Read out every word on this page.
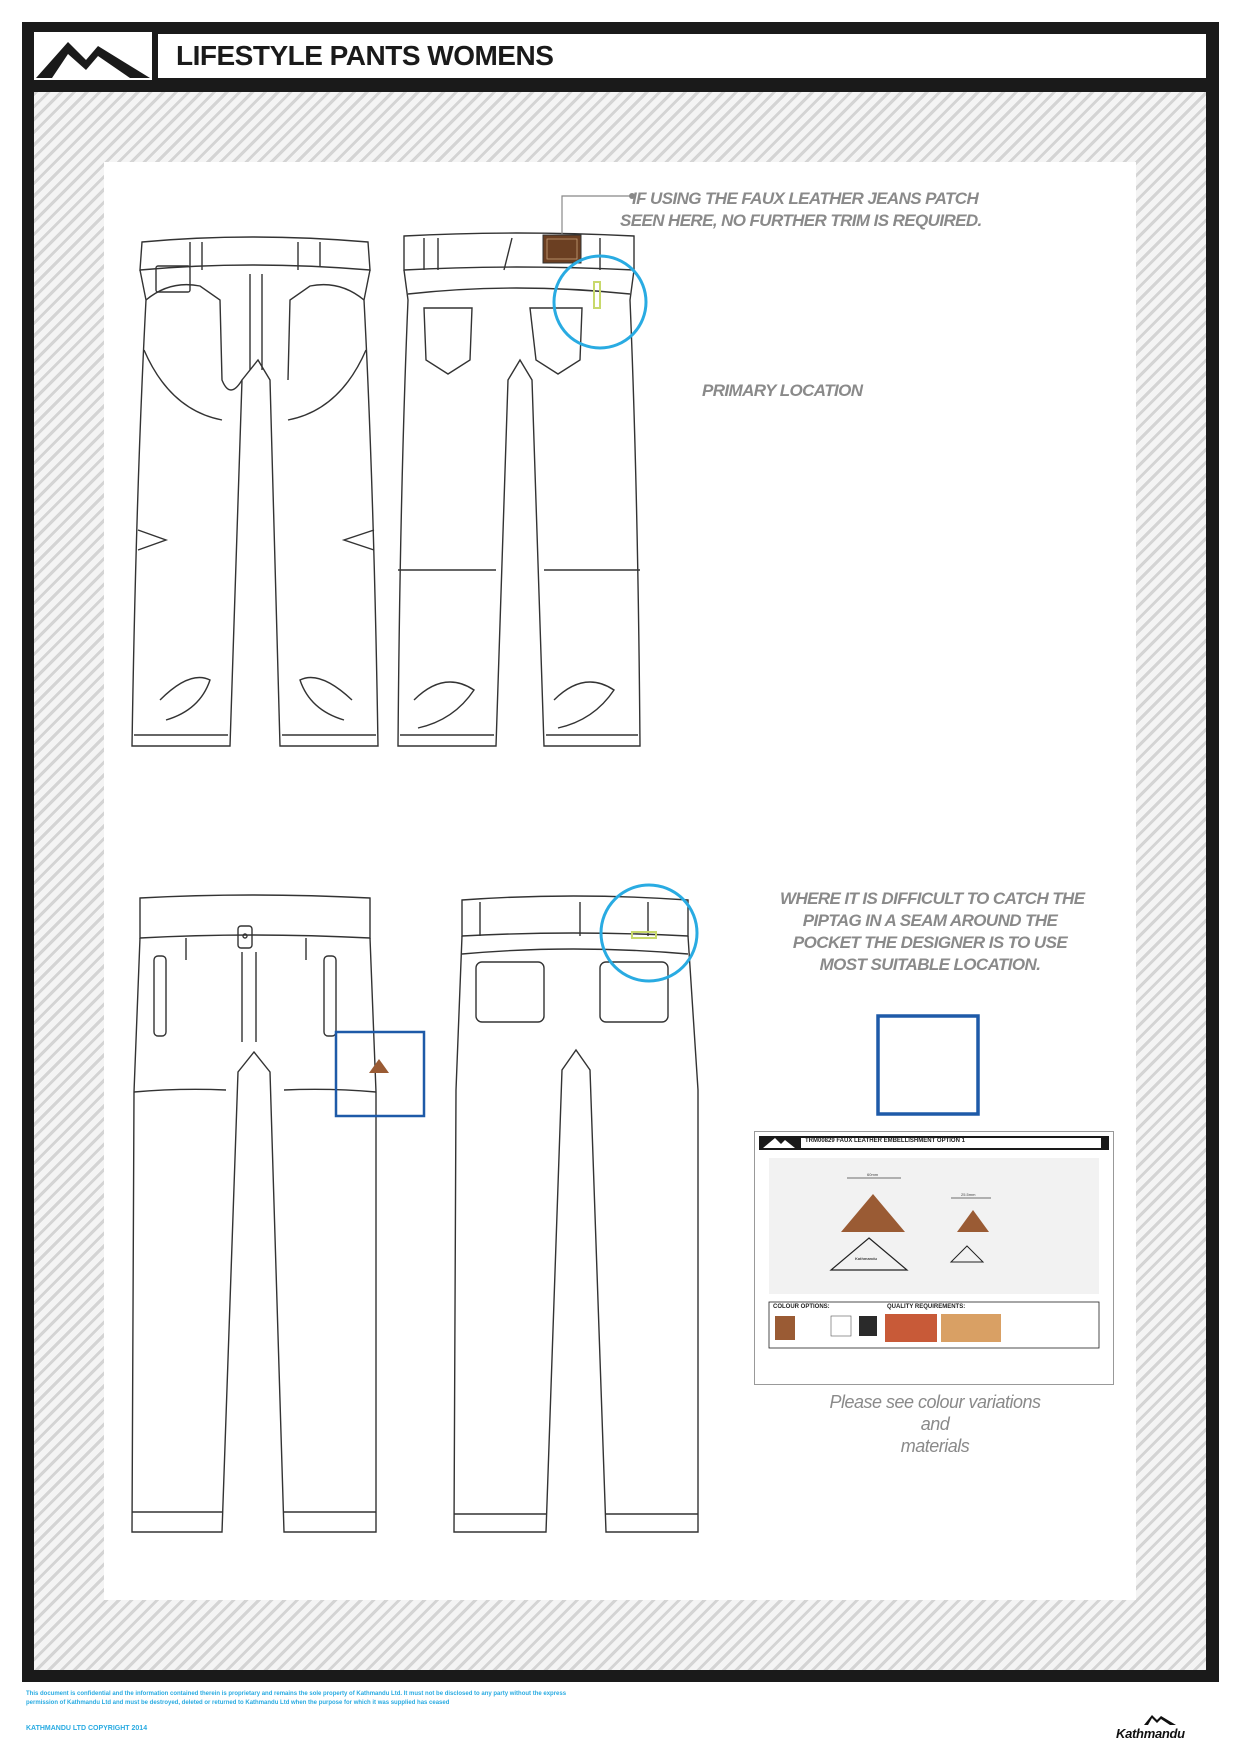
LIFESTYLE PANTS WOMENS
IF USING THE FAUX LEATHER JEANS PATCH
SEEN HERE, NO FURTHER TRIM IS REQUIRED.
PRIMARY LOCATION
WHERE IT IS DIFFICULT TO CATCH THE
PIPTAG IN A SEAM AROUND THE
POCKET THE DESIGNER IS TO USE
MOST SUITABLE LOCATION.
TRM00829 FAUX LEATHER EMBELLISHMENT OPTION 1
COLOUR OPTIONS:	QUALITY REQUIREMENTS:
60mm
25.5mm
Kathmandu
Please see colour variations
and
materials
This document is confidential and the information contained therein is proprietary and remains the sole property of Kathmandu Ltd. It must not be disclosed to any party without the express permission of Kathmandu Ltd and must be destroyed, deleted or returned to Kathmandu Ltd when the purpose for which it was supplied has ceased
KATHMANDU LTD COPYRIGHT 2014	Kathmandu
